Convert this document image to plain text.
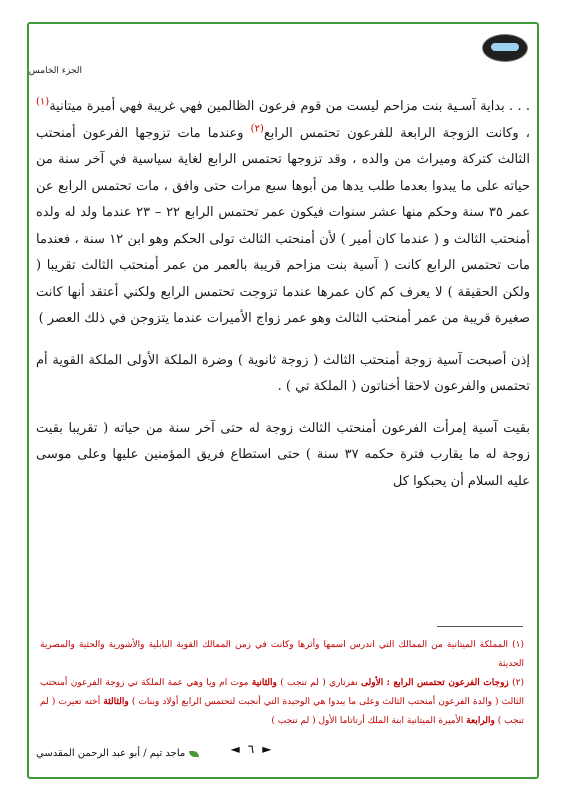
الجزء الخامس

. . . بداية آسـية بنت مزاحم ليست من قوم فرعون الظالمين فهي غريبة فهي أميرة ميتانية$^{(١)}$ ، وكانت الزوجة الرابعة للفرعون تحتمس الرابع$^{(٢)}$ وعندما مات تزوجها الفرعون أمنحتب الثالث كتركة وميراث من والده ، وقد تزوجها تحتمس الرابع لغاية سياسية في آخر سنة من حياته على ما يبدوا بعدما طلب يدها من أبوها سبع مرات حتى وافق ، مات تحتمس الرابع عن عمر ٣٥ سنة وحكم منها عشر سنوات فيكون عمر تحتمس الرابع ٢٢ – ٢٣ عندما ولد له ولده أمنحتب الثالث و ( عندما كان أمير ) لأن أمنحتب الثالث تولى الحكم وهو ابن ١٢ سنة ، فعندما مات تحتمس الرابع كانت ( آسية بنت مزاحم قريبة بالعمر من عمر أمنحتب الثالث تقريبا ( ولكن الحقيقة ) لا يعرف كم كان عمرها عندما تزوجت تحتمس الرابع ولكني أعتقد أنها كانت صغيرة قريبة من عمر أمنحتب الثالث وهو عمر زواج الأميرات عندما يتزوجن في ذلك العصر )

إذن أصبحت آسية زوجة أمنحتب الثالث ( زوجة ثانوية ) وضرة الملكة الأولى الملكة القوية أم تحتمس والفرعون لاحقا أخناتون ( الملكة تي ) .

بقيت آسية إمرأت الفرعون أمنحتب الثالث زوجة له حتى آخر سنة من حياته ( تقريبا بقيت زوجة له ما يقارب فترة حكمه ٣٧ سنة ) حتى استطاع فريق المؤمنين عليها وعلى موسى عليه السلام أن يحبكوا كل

(١) المملكة الميتانية من الممالك التي اندرس اسمها وأثرها وكانت في زمن الممالك القوية البابلية والأشورية والحثية والمصرية الحديثة

(٢) زوجات الفرعون تحتمس الرابع : الأولى نفرتاري ( لم تنجب ) والثانية موت ام ويا وهي عمة الملكة تي زوجة الفرعون أمنحتب الثالث ( والدة الفرعون أمنحتب الثالث وعلى ما يبدوا هي الوحيدة التي أنجبت لتحتمس الرابع أولاد وبنات ) والثالثة أخته تعيرت ( لم تنجب ) والرابعة الأميرة الميتانية ابنة الملك أرتاتاما الأول ( لم تنجب )

◄ ٦ ►
ماجد تيم / أبو عبد الرحمن المقدسي
